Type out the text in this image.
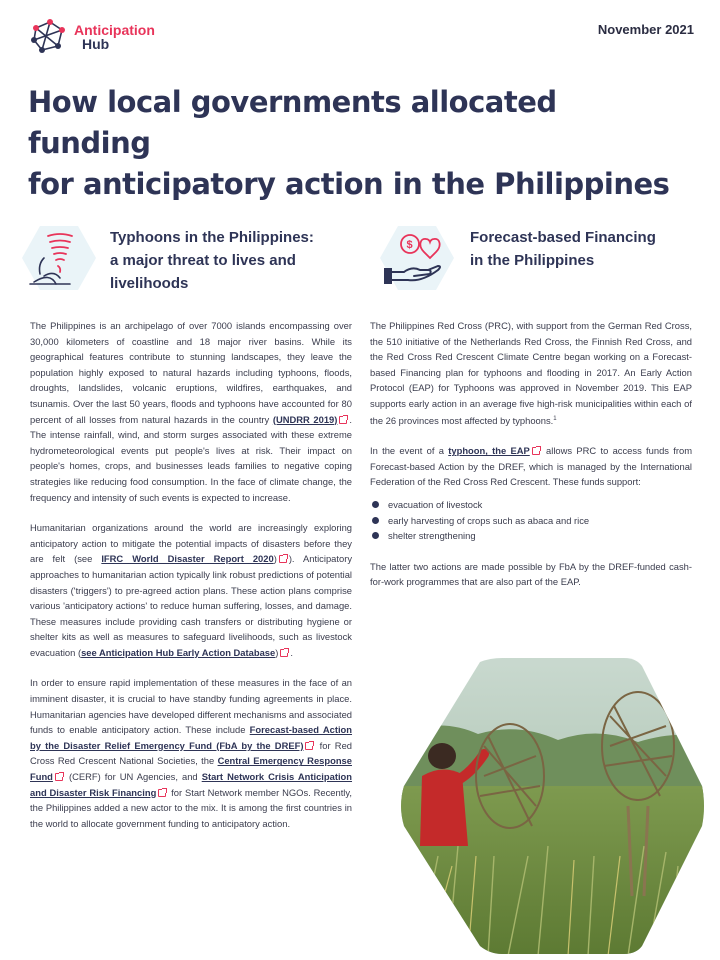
Anticipation
Hub
November 2021
How local governments allocated funding
for anticipatory action in the Philippines
Typhoons in the Philippines:
a major threat to lives and
livelihoods
$	Forecast-based Financing
in the Philippines

The Philippines is an archipelago of over 7000 islands encompassing over 30,000 kilometers of coastline and 18 major river basins. While its geographical features contribute to stunning landscapes, they leave the population highly exposed to natural hazards including typhoons, floods, droughts, landslides, volcanic eruptions, wildfires, earthquakes, and tsunamis. Over the last 50 years, floods and typhoons have accounted for 80 percent of all losses from natural hazards in the country (UNDRR 2019) . The intense rainfall, wind, and storm surges associated with these extreme hydrometeorological events put people's lives at risk. Their impact on people's homes, crops, and businesses leads families to negative coping strategies like reducing food consumption. In the face of climate change, the frequency and intensity of such events is expected to increase.

Humanitarian organizations around the world are increasingly exploring anticipatory action to mitigate the potential impacts of disasters before they are felt (see IFRC World Disaster Report 2020) ). Anticipatory approaches to humanitarian action typically link robust predictions of potential disasters ('triggers') to pre-agreed action plans. These action plans comprise various 'anticipatory actions' to reduce human suffering, losses, and damage. These measures include providing cash transfers or distributing hygiene or shelter kits as well as measures to safeguard livelihoods, such as livestock evacuation (see Anticipation Hub Early Action Database) .

In order to ensure rapid implementation of these measures in the face of an imminent disaster, it is crucial to have standby funding agreements in place. Humanitarian agencies have developed different mechanisms and associated funds to enable anticipatory action. These include Forecast-based Action by the Disaster Relief Emergency Fund (FbA by the DREF) for Red Cross Red Crescent National Societies, the Central Emergency Response Fund (CERF) for UN Agencies, and Start Network Crisis Anticipation and Disaster Risk Financing for Start Network member NGOs. Recently, the Philippines added a new actor to the mix. It is among the first countries in the world to allocate government funding to anticipatory action.

The Philippines Red Cross (PRC), with support from the German Red Cross, the 510 initiative of the Netherlands Red Cross, the Finnish Red Cross, and the Red Cross Red Crescent Climate Centre began working on a Forecast-based Financing plan for typhoons and flooding in 2017. An Early Action Protocol (EAP) for Typhoons was approved in November 2019. This EAP supports early action in an average five high-risk municipalities within each of the 26 provinces most affected by typhoons.$^1$

In the event of a typhoon, the EAP allows PRC to access funds from Forecast-based Action by the DREF, which is managed by the International Federation of the Red Cross Red Crescent. These funds support:

evacuation of livestock
early harvesting of crops such as abaca and rice
shelter strengthening

The latter two actions are made possible by FbA by the DREF-funded cash-for-work programmes that are also part of the EAP.
